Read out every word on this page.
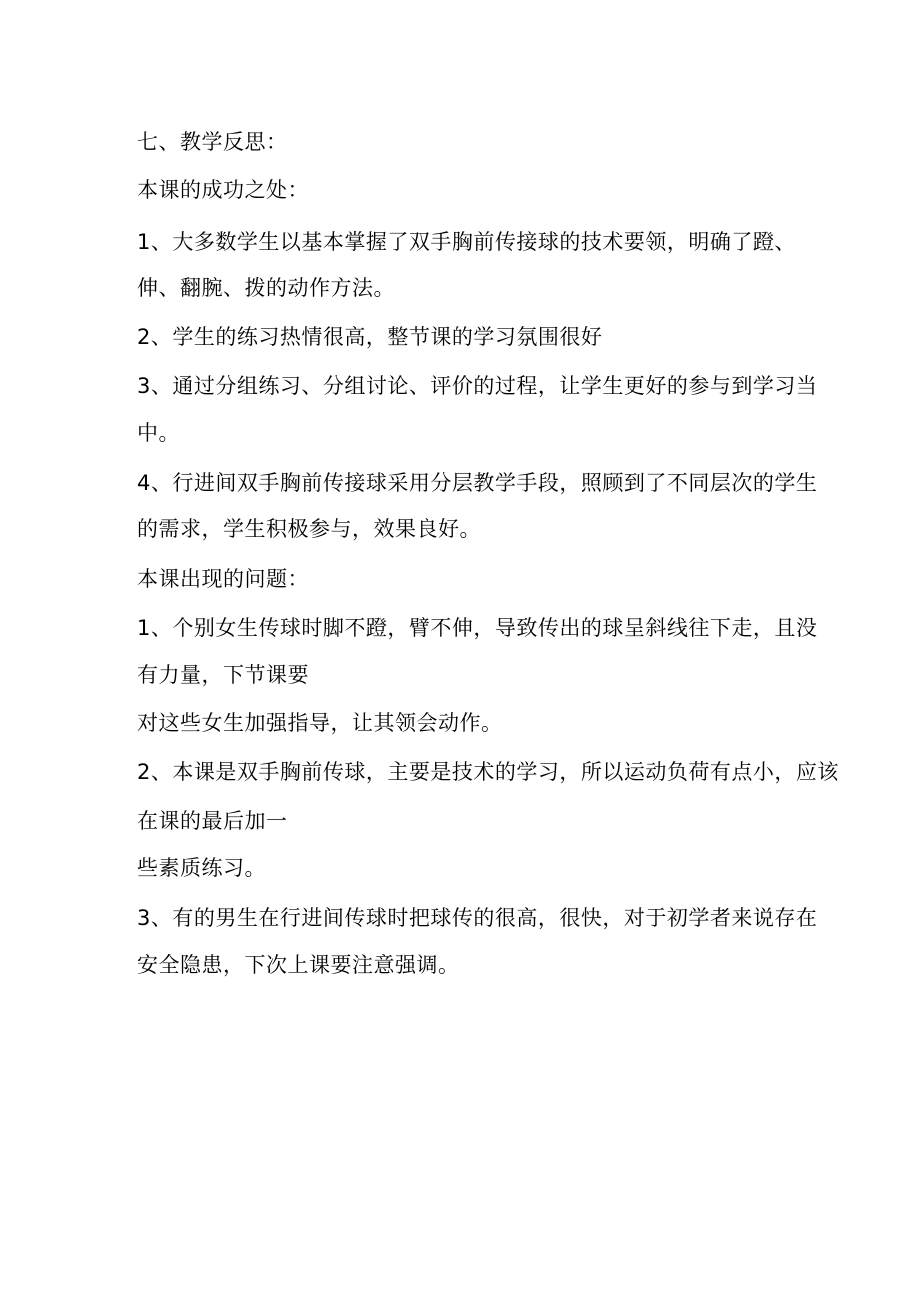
七、教学反思：
本课的成功之处：
1、大多数学生以基本掌握了双手胸前传接球的技术要领，明确了蹬、
伸、翻腕、拨的动作方法。
2、学生的练习热情很高，整节课的学习氛围很好
3、通过分组练习、分组讨论、评价的过程，让学生更好的参与到学习当
中。
4、行进间双手胸前传接球采用分层教学手段，照顾到了不同层次的学生
的需求，学生积极参与，效果良好。
本课出现的问题：
1、个别女生传球时脚不蹬，臂不伸，导致传出的球呈斜线往下走，且没
有力量，下节课要
对这些女生加强指导，让其领会动作。
2、本课是双手胸前传球，主要是技术的学习，所以运动负荷有点小，应该
在课的最后加一
些素质练习。
3、有的男生在行进间传球时把球传的很高，很快，对于初学者来说存在
安全隐患，下次上课要注意强调。
